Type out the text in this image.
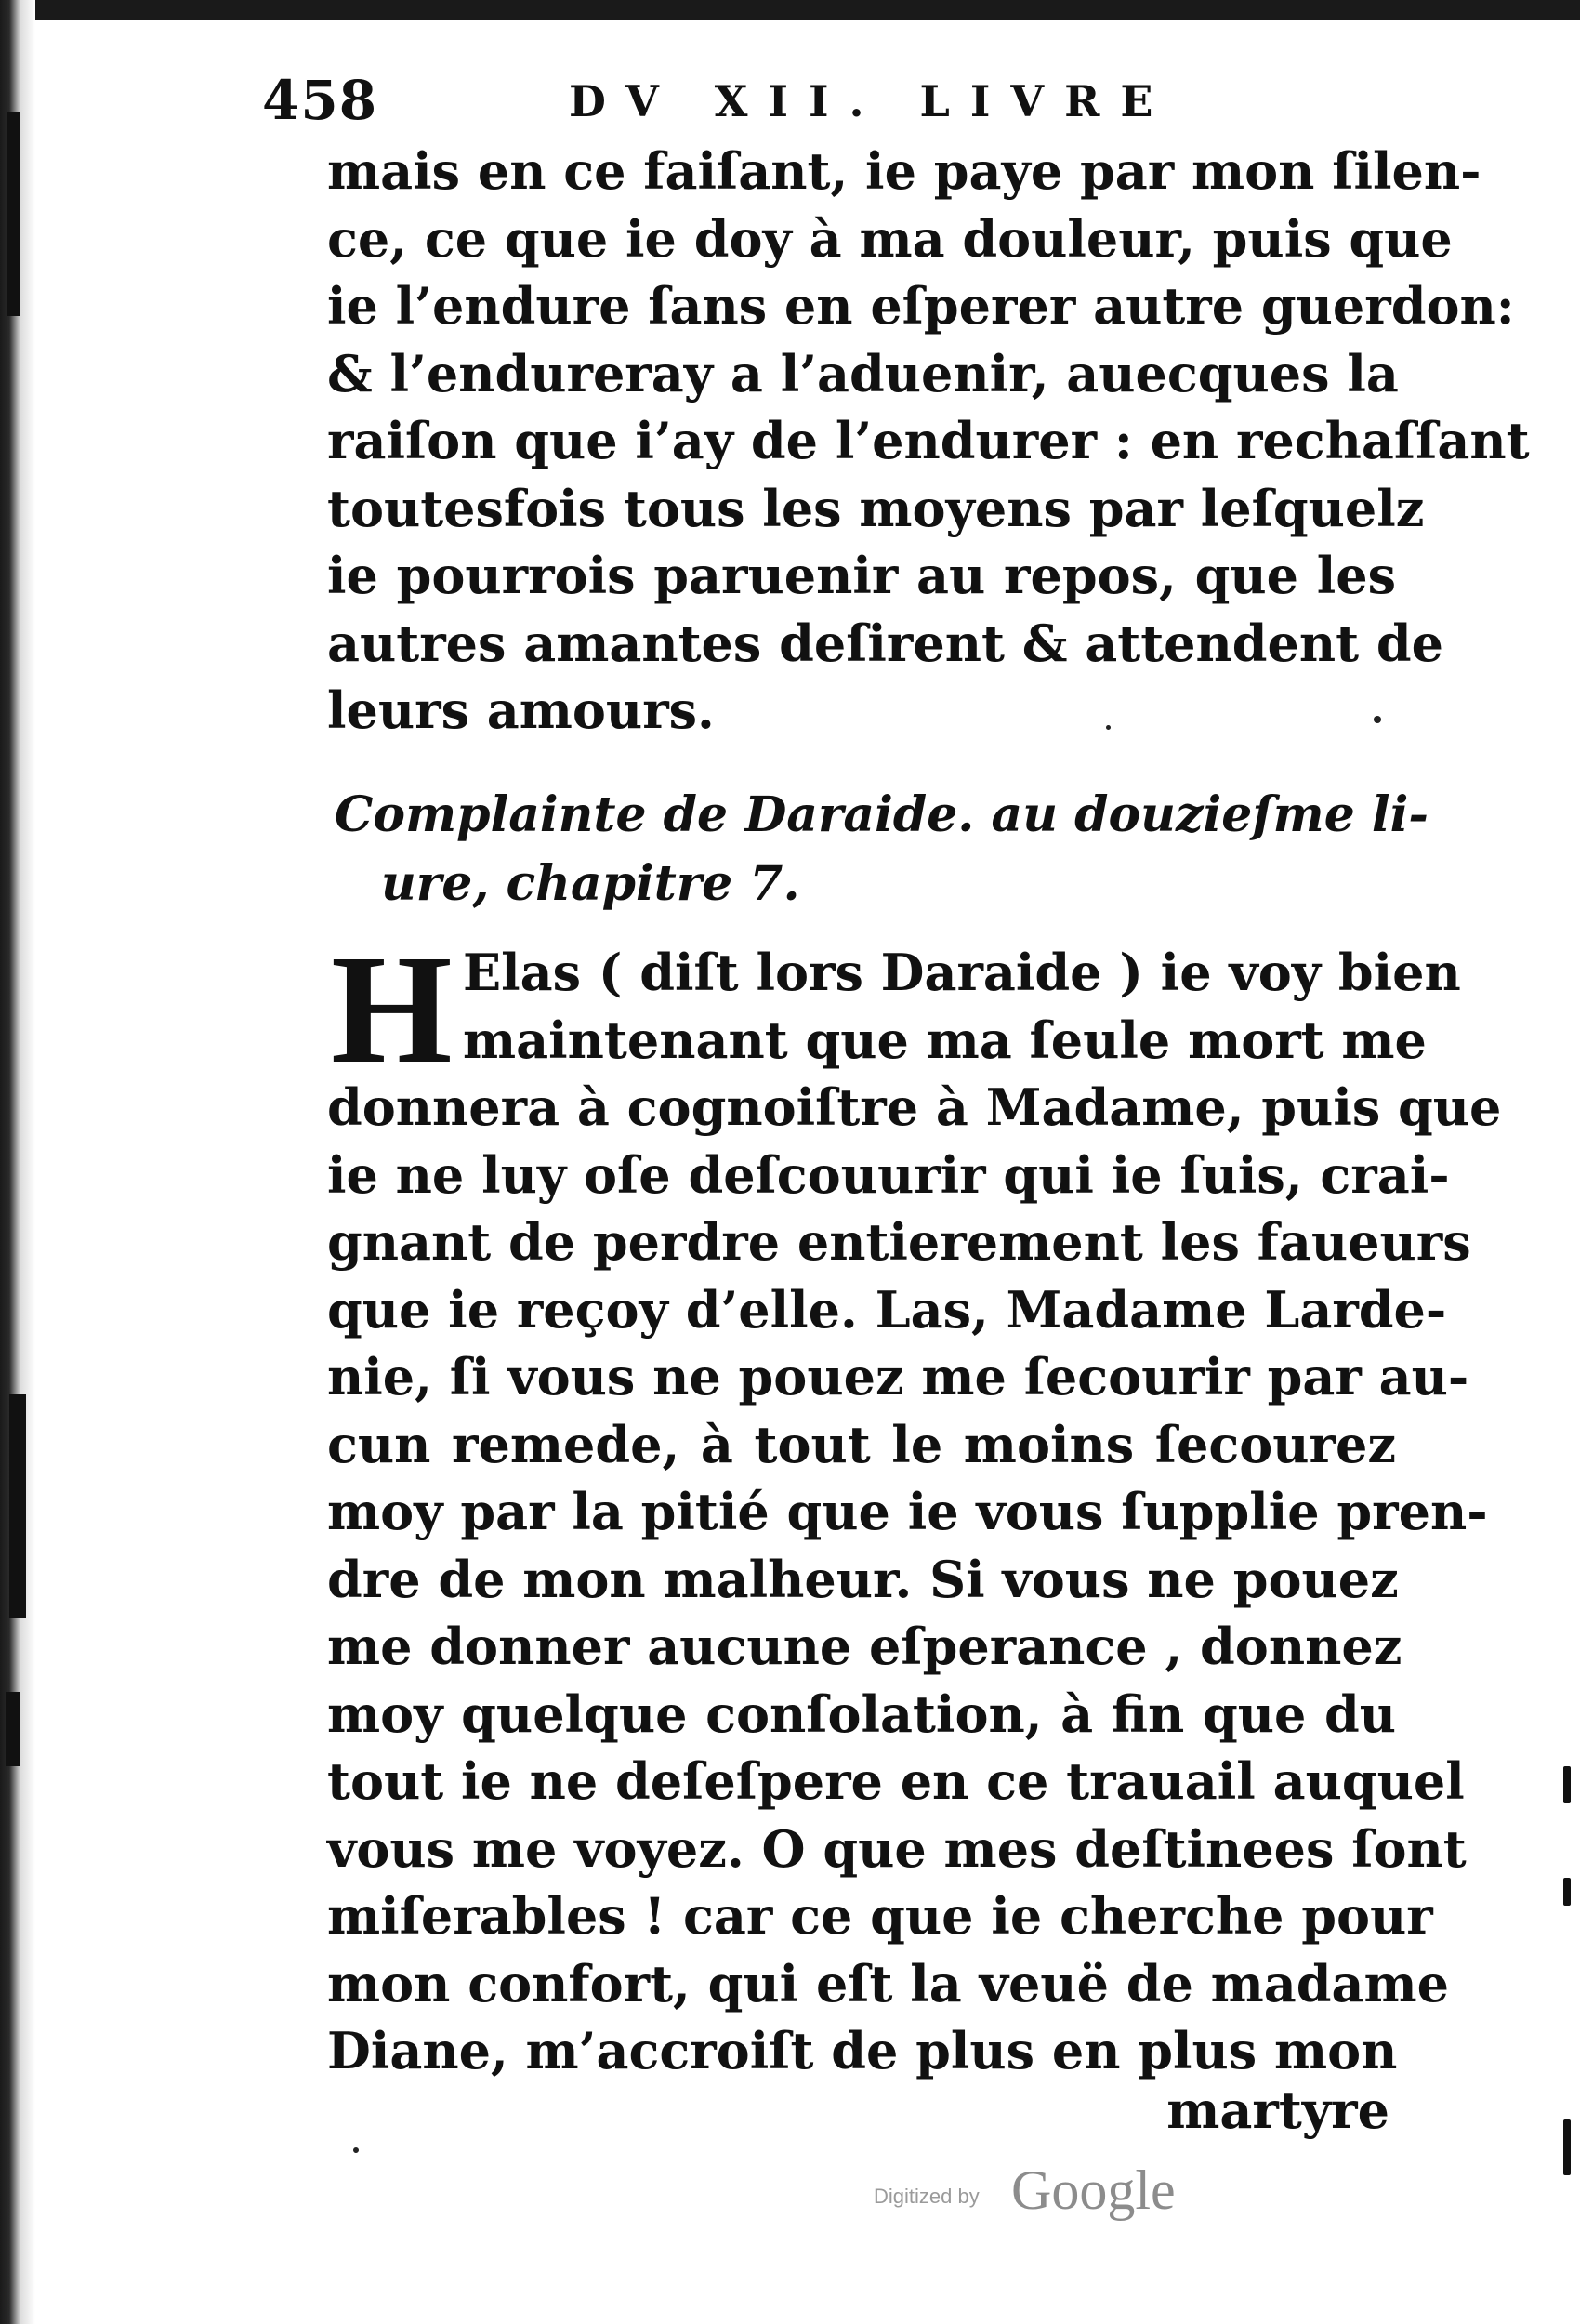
458	DV XII. LIVRE
mais en ce faiſant, ie paye par mon ſilen-
ce, ce que ie doy à ma douleur, puis que
ie l’endure ſans en eſperer autre guerdon:
& l’endureray a l’aduenir, auecques la
raiſon que i’ay de l’endurer : en rechaſſant
toutesfois tous les moyens par leſquelz
ie pourrois paruenir au repos, que les
autres amantes deſirent & attendent de
leurs amours.
Complainte de Daraide. au douzieſme li-
ure, chapitre 7.
H Elas ( diſt lors Daraide ) ie voy bien
maintenant que ma ſeule mort me
donnera à cognoiſtre à Madame, puis que
ie ne luy oſe deſcouurir qui ie ſuis, crai-
gnant de perdre entierement les faueurs
que ie reçoy d’elle. Las, Madame Larde-
nie, ſi vous ne pouez me ſecourir par au-
cun remede, à tout le moins ſecourez
moy par la pitié que ie vous ſupplie pren-
dre de mon malheur. Si vous ne pouez
me donner aucune eſperance , donnez
moy quelque conſolation, à fin que du
tout ie ne deſeſpere en ce trauail auquel
vous me voyez. O que mes deſtinees ſont
miſerables ! car ce que ie cherche pour
mon confort, qui eſt la veuë de madame
Diane, m’accroiſt de plus en plus mon
martyre
Digitized by Google
